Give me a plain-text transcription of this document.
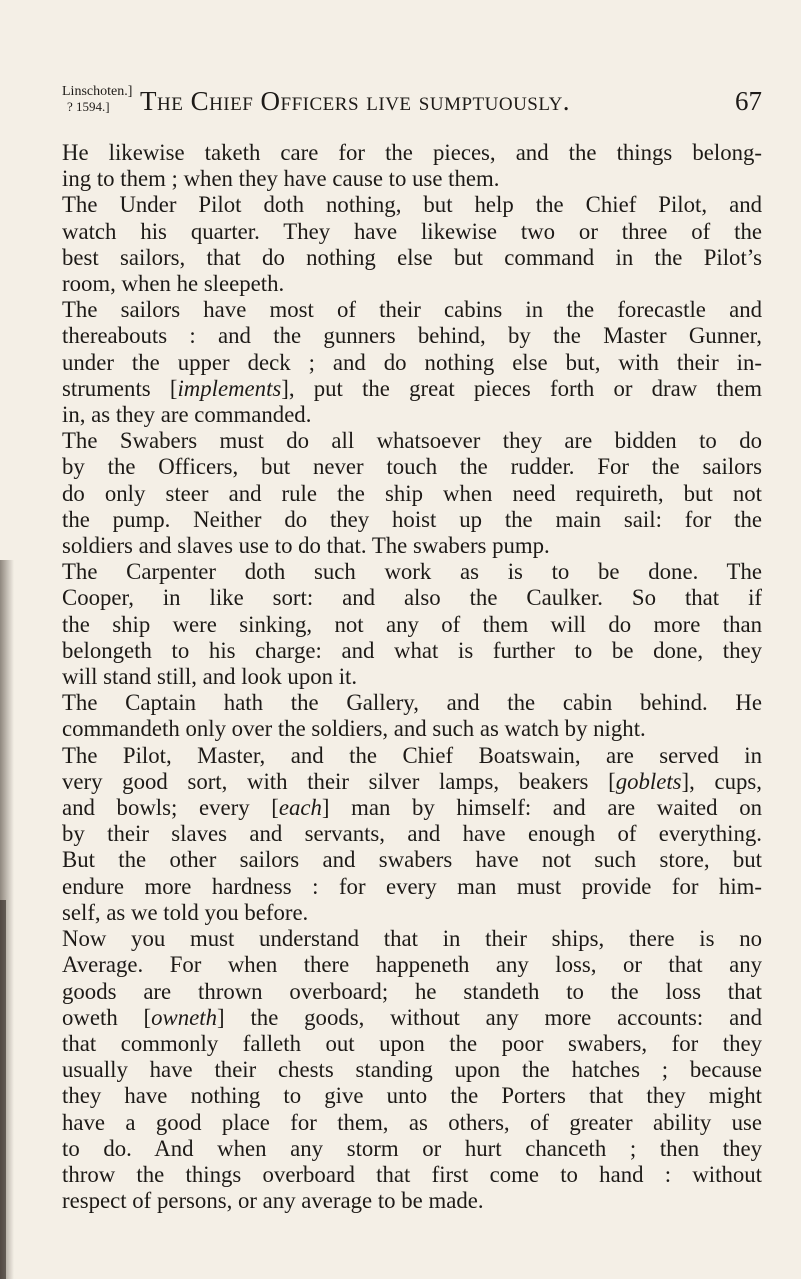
Linschoten.]
? 1594.]	The Chief Officers live sumptuously.	67
He likewise taketh care for the pieces, and the things belong-
ing to them ; when they have cause to use them.
The Under Pilot doth nothing, but help the Chief Pilot, and
watch his quarter. They have likewise two or three of the
best sailors, that do nothing else but command in the Pilot’s
room, when he sleepeth.
The sailors have most of their cabins in the forecastle and
thereabouts : and the gunners behind, by the Master Gunner,
under the upper deck ; and do nothing else but, with their in-
struments [implements], put the great pieces forth or draw them
in, as they are commanded.
The Swabers must do all whatsoever they are bidden to do
by the Officers, but never touch the rudder. For the sailors
do only steer and rule the ship when need requireth, but not
the pump. Neither do they hoist up the main sail: for the
soldiers and slaves use to do that. The swabers pump.
The Carpenter doth such work as is to be done. The
Cooper, in like sort: and also the Caulker. So that if
the ship were sinking, not any of them will do more than
belongeth to his charge: and what is further to be done, they
will stand still, and look upon it.
The Captain hath the Gallery, and the cabin behind. He
commandeth only over the soldiers, and such as watch by night.
The Pilot, Master, and the Chief Boatswain, are served in
very good sort, with their silver lamps, beakers [goblets], cups,
and bowls; every [each] man by himself: and are waited on
by their slaves and servants, and have enough of everything.
But the other sailors and swabers have not such store, but
endure more hardness : for every man must provide for him-
self, as we told you before.
Now you must understand that in their ships, there is no
Average. For when there happeneth any loss, or that any
goods are thrown overboard; he standeth to the loss that
oweth [owneth] the goods, without any more accounts: and
that commonly falleth out upon the poor swabers, for they
usually have their chests standing upon the hatches ; because
they have nothing to give unto the Porters that they might
have a good place for them, as others, of greater ability use
to do. And when any storm or hurt chanceth ; then they
throw the things overboard that first come to hand : without
respect of persons, or any average to be made.
